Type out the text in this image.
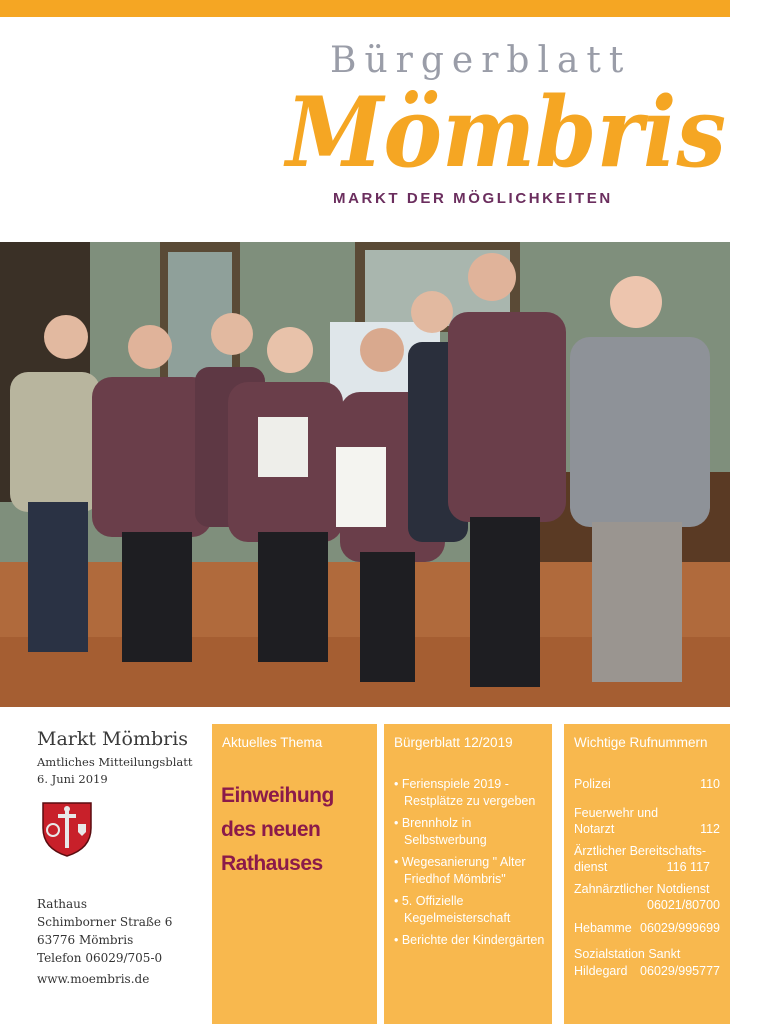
Bürgerblatt
Mömbris
MARKT DER MÖGLICHKEITEN
Markt Mömbris
Amtliches Mitteilungsblatt
6. Juni 2019
Rathaus
Schimborner Straße 6
63776 Mömbris
Telefon 06029/705-0
www.moembris.de
Aktuelles Thema
Einweihung
des neuen
Rathauses
Bürgerblatt 12/2019
• Ferienspiele 2019 - Restplätze zu vergeben
• Brennholz in Selbstwerbung
• Wegesanierung " Alter Friedhof Mömbris"
• 5. Offizielle Kegelmeisterschaft
• Berichte der Kindergärten
Wichtige Rufnummern
Polizei	110
Feuerwehr und
Notarzt	112
Ärztlicher Bereitschafts-
dienst	116 117
Zahnärztlicher Notdienst
06021/80700
Hebamme 06029/999699
Sozialstation Sankt
Hildegard 06029/995777
